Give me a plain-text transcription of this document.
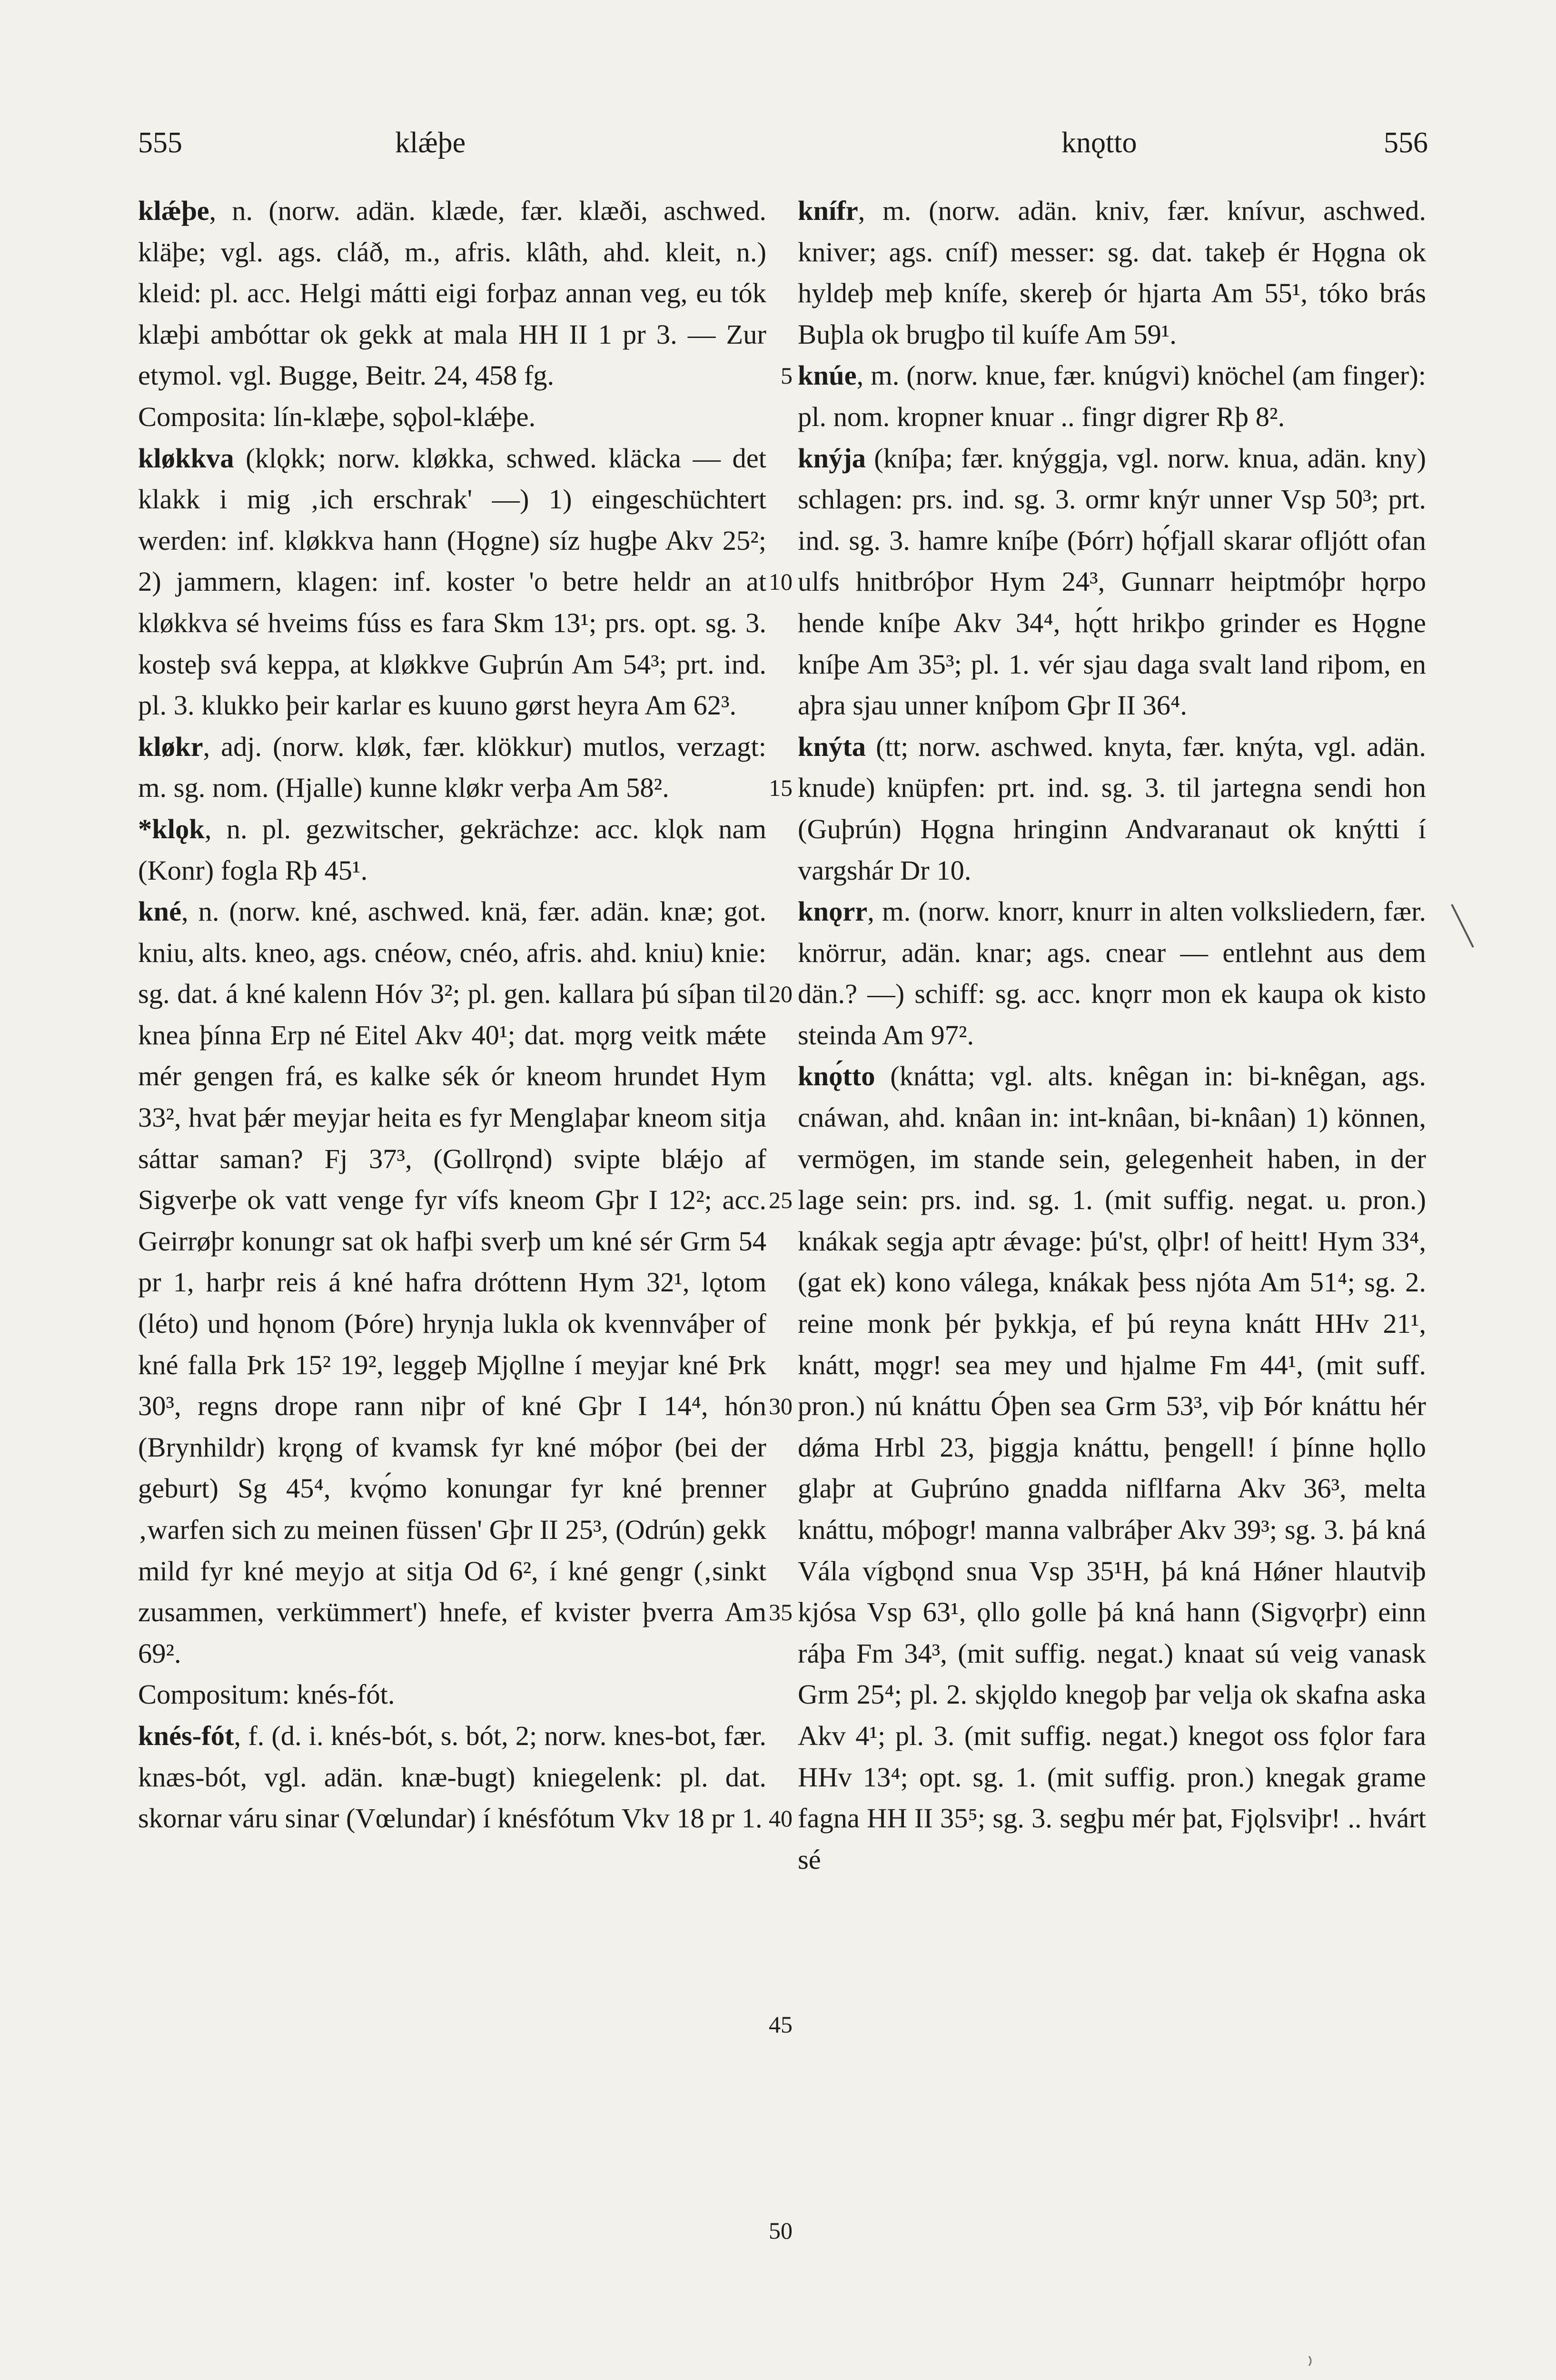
555	klǽþe	knǫtto	556

klǽþe, n. (norw. adän. klæde, fær. klæði, aschwed. kläþe; vgl. ags. cláð, m., afris. klâth, ahd. kleit, n.) kleid: pl. acc. Helgi mátti eigi forþaz annan veg, eu tók klæþi ambóttar ok gekk at mala HH II 1 pr 3. — Zur etymol. vgl. Bugge, Beitr. 24, 458 fg.

Composita: lín-klæþe, sǫþol-klǽþe.

kløkkva (klǫkk; norw. kløkka, schwed. kläcka — det klakk i mig ‚ich erschrak' —) 1) eingeschüchtert werden: inf. kløkkva hann (Hǫgne) síz hugþe Akv 25²; 2) jammern, klagen: inf. koster 'o betre heldr an at kløkkva sé hveims fúss es fara Skm 13¹; prs. opt. sg. 3. kosteþ svá keppa, at kløkkve Guþrún Am 54³; prt. ind. pl. 3. klukko þeir karlar es kuuno gørst heyra Am 62³.

kløkr, adj. (norw. kløk, fær. klökkur) mutlos, verzagt: m. sg. nom. (Hjalle) kunne kløkr verþa Am 58².

*klǫk, n. pl. gezwitscher, gekrächze: acc. klǫk nam (Konr) fogla Rþ 45¹.

kné, n. (norw. kné, aschwed. knä, fær. adän. knæ; got. kniu, alts. kneo, ags. cnéow, cnéo, afris. ahd. kniu) knie: sg. dat. á kné kalenn Hóv 3²; pl. gen. kallara þú síþan til knea þínna Erp né Eitel Akv 40¹; dat. mǫrg veitk mǽte mér gengen frá, es kalke sék ór kneom hrundet Hym 33², hvat þǽr meyjar heita es fyr Menglaþar kneom sitja sáttar saman? Fj 37³, (Gollrǫnd) svipte blǽjo af Sigverþe ok vatt venge fyr vífs kneom Gþr I 12²; acc. Geirrøþr konungr sat ok hafþi sverþ um kné sér Grm 54 pr 1, harþr reis á kné hafra dróttenn Hym 32¹, lǫtom (léto) und hǫnom (Þóre) hrynja lukla ok kvennváþer of kné falla Þrk 15² 19², leggeþ Mjǫllne í meyjar kné Þrk 30³, regns drope rann niþr of kné Gþr I 14⁴, hón (Brynhildr) krǫng of kvamsk fyr kné móþor (bei der geburt) Sg 45⁴, kvǫ́mo konungar fyr kné þrenner ‚warfen sich zu meinen füssen' Gþr II 25³, (Odrún) gekk mild fyr kné meyjo at sitja Od 6², í kné gengr (‚sinkt zusammen, verkümmert') hnefe, ef kvister þverra Am 69².

Compositum: knés-fót.

knés-fót, f. (d. i. knés-bót, s. bót, 2; norw. knes-bot, fær. knæs-bót, vgl. adän. knæ-bugt) kniegelenk: pl. dat. skornar váru sinar (Vœlundar) í knésfótum Vkv 18 pr 1.

knífr, m. (norw. adän. kniv, fær. knívur, aschwed. kniver; ags. cníf) messer: sg. dat. takeþ ér Hǫgna ok hyldeþ meþ knífe, skereþ ór hjarta Am 55¹, tóko brás Buþla ok brugþo til kuífe Am 59¹.

knúe, m. (norw. knue, fær. knúgvi) knöchel (am finger): pl. nom. kropner knuar .. fingr digrer Rþ 8².

knýja (kníþa; fær. knýggja, vgl. norw. knua, adän. kny) schlagen: prs. ind. sg. 3. ormr knýr unner Vsp 50³; prt. ind. sg. 3. hamre kníþe (Þórr) hǫ́fjall skarar ofljótt ofan ulfs hnitbróþor Hym 24³, Gunnarr heiptmóþr hǫrpo hende kníþe Akv 34⁴, hǫ́tt hrikþo grinder es Hǫgne kníþe Am 35³; pl. 1. vér sjau daga svalt land riþom, en aþra sjau unner kníþom Gþr II 36⁴.

knýta (tt; norw. aschwed. knyta, fær. knýta, vgl. adän. knude) knüpfen: prt. ind. sg. 3. til jartegna sendi hon (Guþrún) Hǫgna hringinn Andvaranaut ok knýtti í vargshár Dr 10.

knǫrr, m. (norw. knorr, knurr in alten volksliedern, fær. knörrur, adän. knar; ags. cnear — entlehnt aus dem dän.? —) schiff: sg. acc. knǫrr mon ek kaupa ok kisto steinda Am 97².

knǫ́tto (knátta; vgl. alts. knêgan in: bi-knêgan, ags. cnáwan, ahd. knâan in: int-knâan, bi-knâan) 1) können, vermögen, im stande sein, gelegenheit haben, in der lage sein: prs. ind. sg. 1. (mit suffig. negat. u. pron.) knákak segja aptr ǽvage: þú'st, ǫlþr! of heitt! Hym 33⁴, (gat ek) kono válega, knákak þess njóta Am 51⁴; sg. 2. reine monk þér þykkja, ef þú reyna knátt HHv 21¹, knátt, mǫgr! sea mey und hjalme Fm 44¹, (mit suff. pron.) nú knáttu Óþen sea Grm 53³, viþ Þór knáttu hér dǿma Hrbl 23, þiggja knáttu, þengell! í þínne hǫllo glaþr at Guþrúno gnadda niflfarna Akv 36³, melta knáttu, móþogr! manna valbráþer Akv 39³; sg. 3. þá kná Vála vígbǫnd snua Vsp 35¹H, þá kná Hǿner hlautviþ kjósa Vsp 63¹, ǫllo golle þá kná hann (Sigvǫrþr) einn ráþa Fm 34³, (mit suffig. negat.) knaat sú veig vanask Grm 25⁴; pl. 2. skjǫldo knegoþ þar velja ok skafna aska Akv 4¹; pl. 3. (mit suffig. negat.) knegot oss fǫlor fara HHv 13⁴; opt. sg. 1. (mit suffig. pron.) knegak grame fagna HH II 35⁵; sg. 3. segþu mér þat, Fjǫlsviþr! .. hvárt sé

5
10
15
20
25
30
35
40
45
50
